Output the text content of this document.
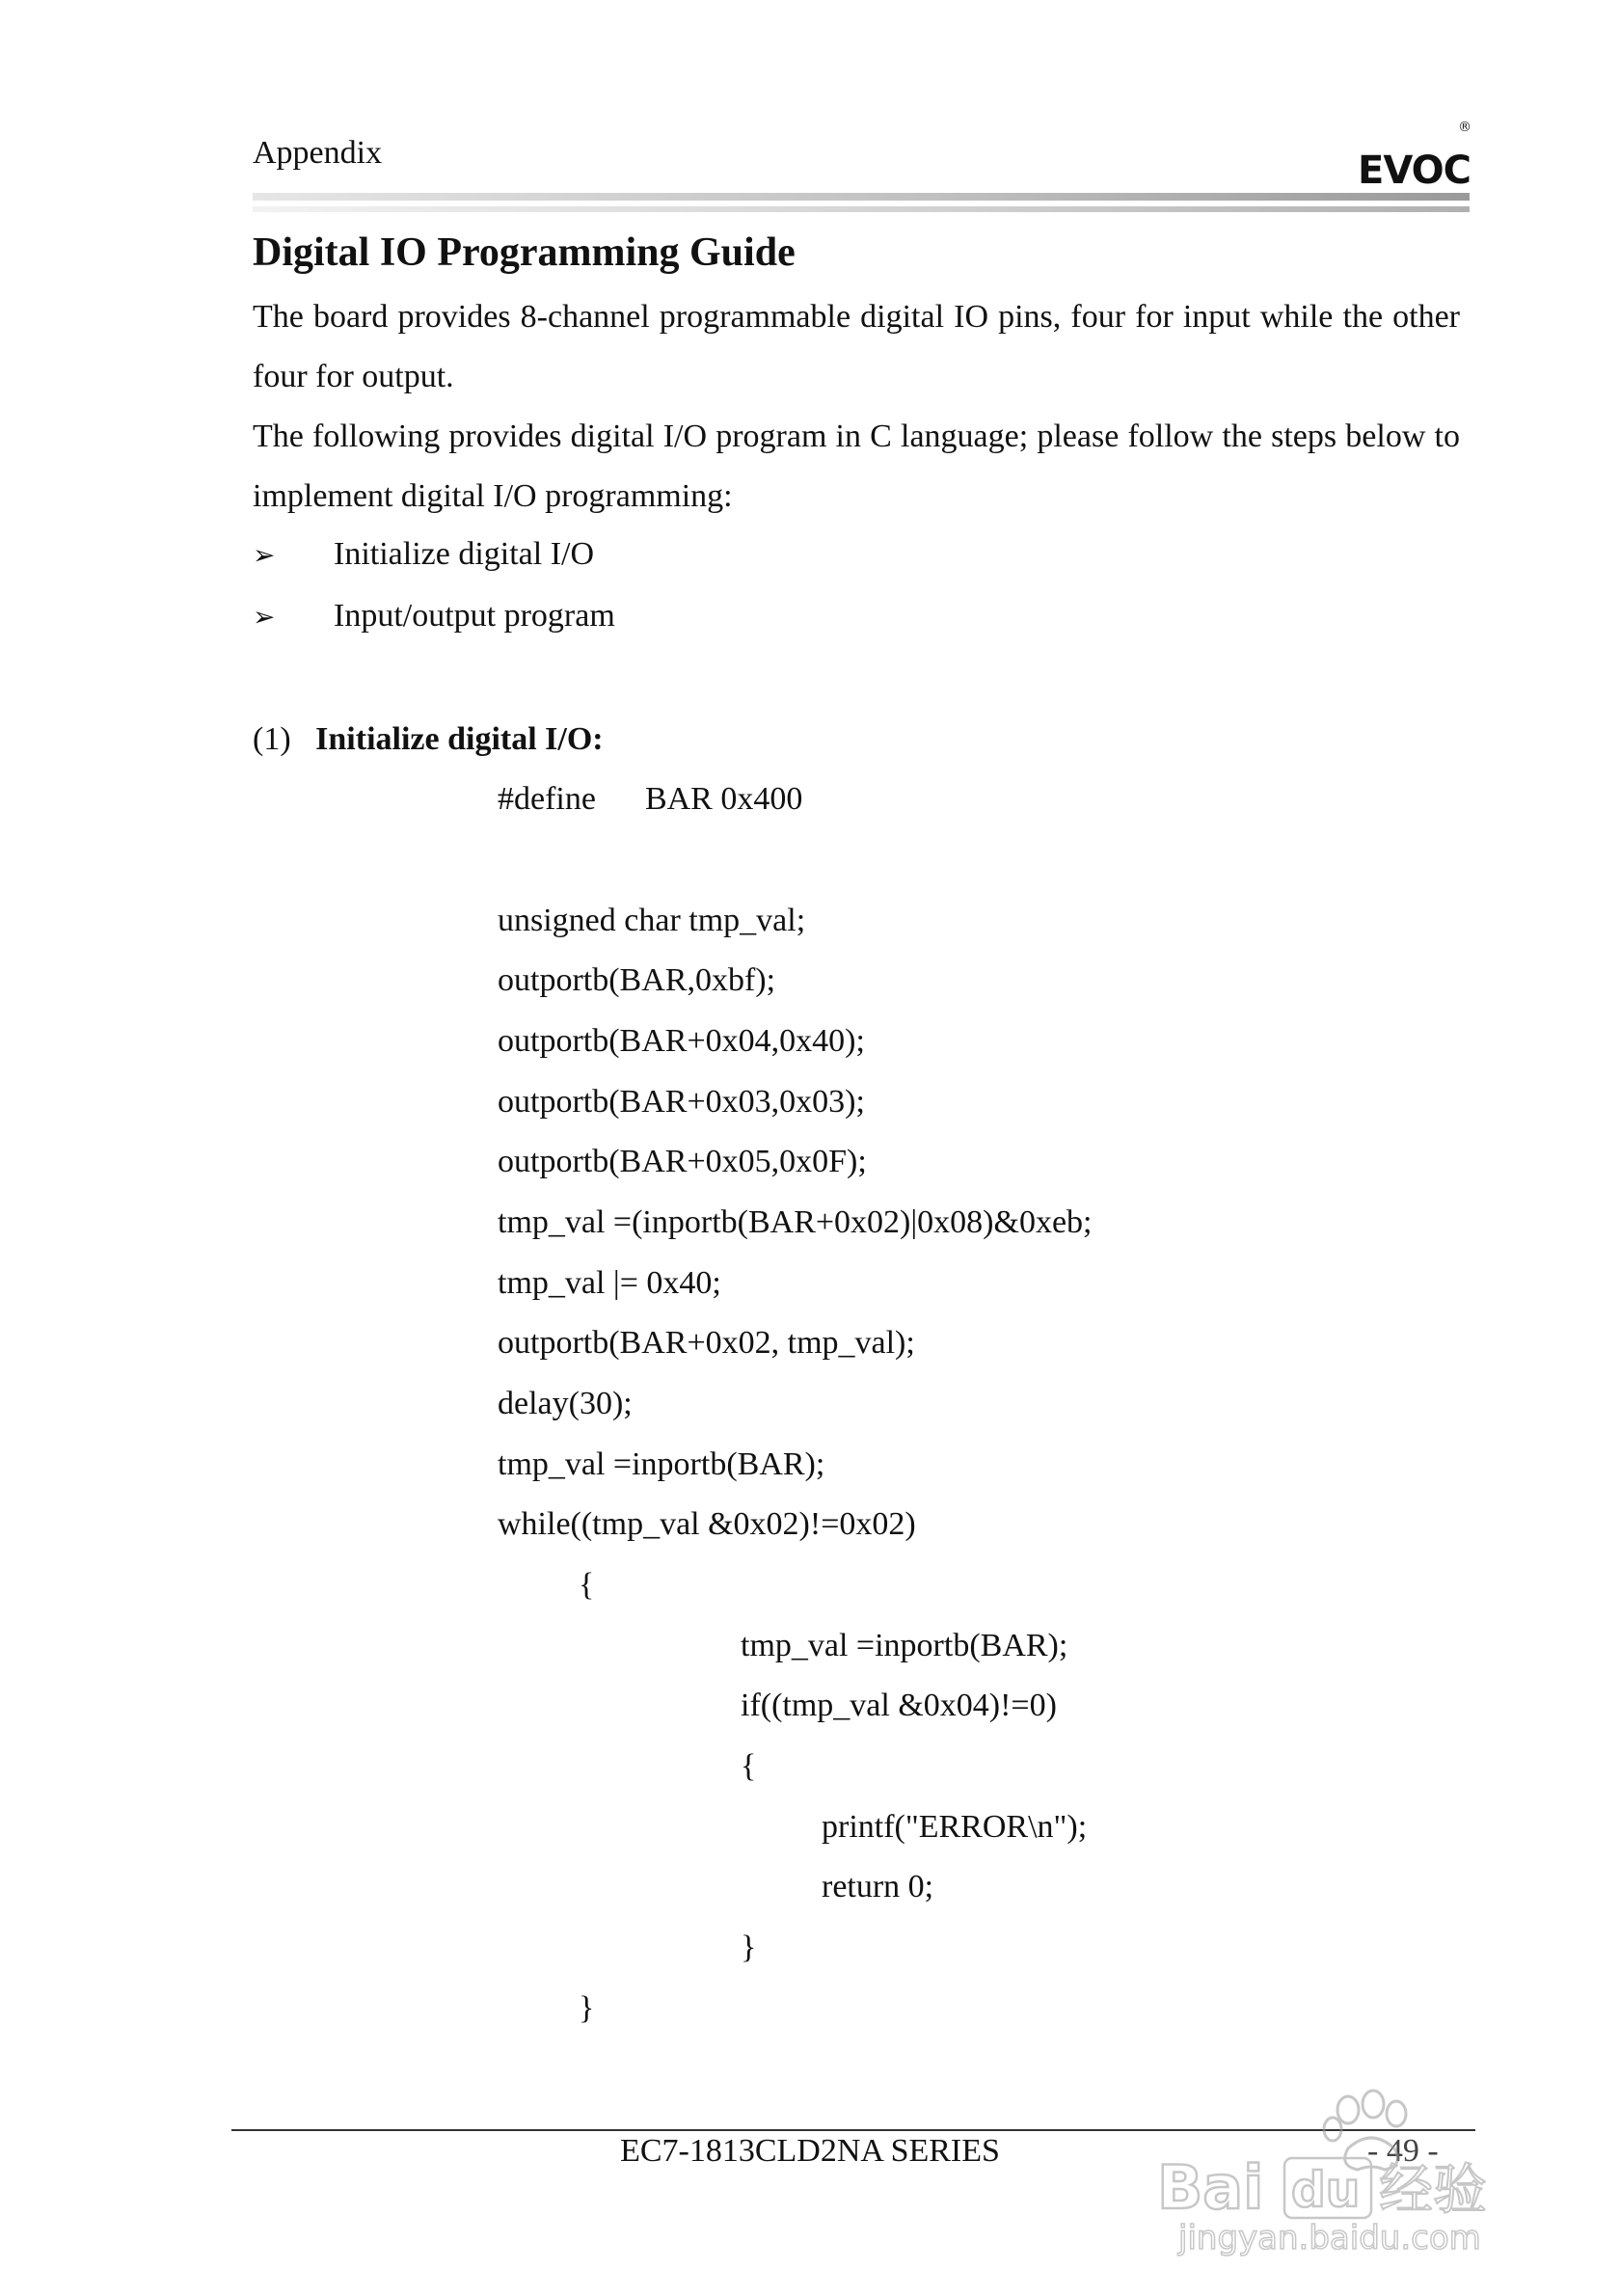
Appendix
®
EVOC
Digital IO Programming Guide
The board provides 8-channel programmable digital IO pins, four for input while the other four for output.
The following provides digital I/O program in C language; please follow the steps below to implement digital I/O programming:
➢ Initialize digital I/O
➢ Input/output program
(1) Initialize digital I/O:
#define      BAR 0x400
unsigned char tmp_val;
outportb(BAR,0xbf);
outportb(BAR+0x04,0x40);
outportb(BAR+0x03,0x03);
outportb(BAR+0x05,0x0F);
tmp_val =(inportb(BAR+0x02)|0x08)&0xeb;
tmp_val |= 0x40;
outportb(BAR+0x02, tmp_val);
delay(30);
tmp_val =inportb(BAR);
while((tmp_val &0x02)!=0x02)
{
tmp_val =inportb(BAR);
if((tmp_val &0x04)!=0)
{
printf("ERROR\n");
return 0;
}
}
EC7-1813CLD2NA SERIES	- 49 -
Bai du 经验
jingyan.baidu.com
